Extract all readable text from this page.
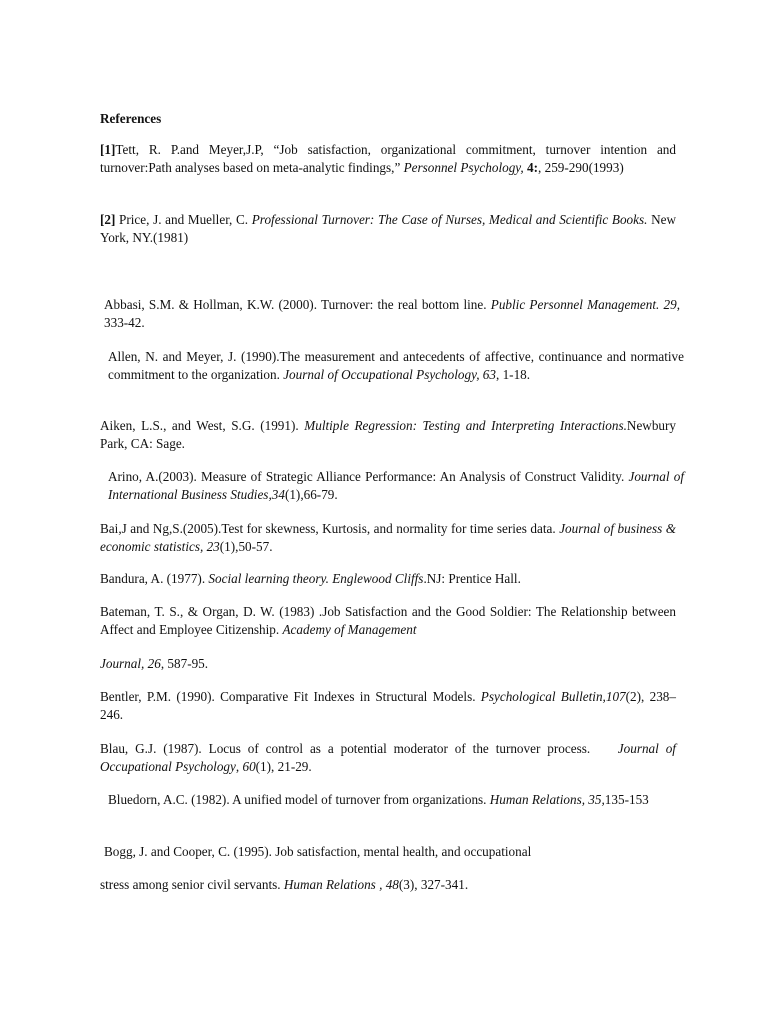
References

[1]Tett, R. P.and Meyer,J.P, “Job satisfaction, organizational commitment, turnover intention and turnover:Path analyses based on meta-analytic findings,” Personnel Psychology, 4:, 259-290(1993)

[2] Price, J. and Mueller, C. Professional Turnover: The Case of Nurses, Medical and Scientific Books. New York, NY.(1981)

Abbasi, S.M. & Hollman, K.W. (2000). Turnover: the real bottom line. Public Personnel Management. 29, 333-42.

Allen, N. and Meyer, J. (1990).The measurement and antecedents of affective, continuance and normative commitment to the organization. Journal of Occupational Psychology, 63, 1-18.

Aiken, L.S., and West, S.G. (1991). Multiple Regression: Testing and Interpreting Interactions.Newbury Park, CA: Sage.

Arino, A.(2003). Measure of Strategic Alliance Performance: An Analysis of Construct Validity. Journal of International Business Studies,34(1),66-79.

Bai,J and Ng,S.(2005).Test for skewness, Kurtosis, and normality for time series data. Journal of business & economic statistics, 23(1),50-57.

Bandura, A. (1977). Social learning theory. Englewood Cliffs.NJ: Prentice Hall.

Bateman, T. S., & Organ, D. W. (1983) .Job Satisfaction and the Good Soldier: The Relationship between Affect and Employee Citizenship. Academy of Management

Journal, 26, 587-95.

Bentler, P.M. (1990). Comparative Fit Indexes in Structural Models. Psychological Bulletin,107(2), 238–246.

Blau, G.J. (1987). Locus of control as a potential moderator of the turnover process.    Journal of Occupational Psychology, 60(1), 21-29.

Bluedorn, A.C. (1982). A unified model of turnover from organizations. Human Relations, 35,135-153

Bogg, J. and Cooper, C. (1995). Job satisfaction, mental health, and occupational

stress among senior civil servants. Human Relations , 48(3), 327-341.
